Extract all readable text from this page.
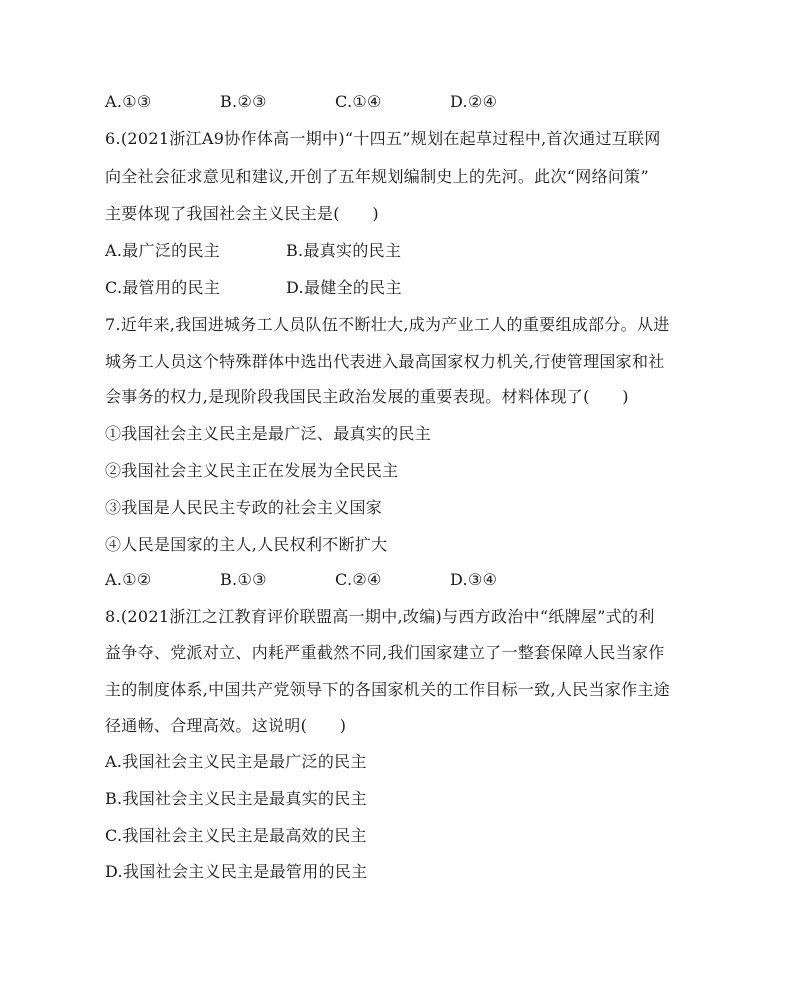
A.①③	B.②③	C.①④	D.②④
6.(2021浙江A9协作体高一期中)“十四五”规划在起草过程中,首次通过互联网
向全社会征求意见和建议,开创了五年规划编制史上的先河。此次“网络问策”
主要体现了我国社会主义民主是(　　)
A.最广泛的民主	B.最真实的民主
C.最管用的民主	D.最健全的民主
7.近年来,我国进城务工人员队伍不断壮大,成为产业工人的重要组成部分。从进
城务工人员这个特殊群体中选出代表进入最高国家权力机关,行使管理国家和社
会事务的权力,是现阶段我国民主政治发展的重要表现。材料体现了(　　)
①我国社会主义民主是最广泛、最真实的民主
②我国社会主义民主正在发展为全民民主
③我国是人民民主专政的社会主义国家
④人民是国家的主人,人民权利不断扩大
A.①②	B.①③	C.②④	D.③④
8.(2021浙江之江教育评价联盟高一期中,改编)与西方政治中“纸牌屋”式的利
益争夺、党派对立、内耗严重截然不同,我们国家建立了一整套保障人民当家作
主的制度体系,中国共产党领导下的各国家机关的工作目标一致,人民当家作主途
径通畅、合理高效。这说明(　　)
A.我国社会主义民主是最广泛的民主
B.我国社会主义民主是最真实的民主
C.我国社会主义民主是最高效的民主
D.我国社会主义民主是最管用的民主
